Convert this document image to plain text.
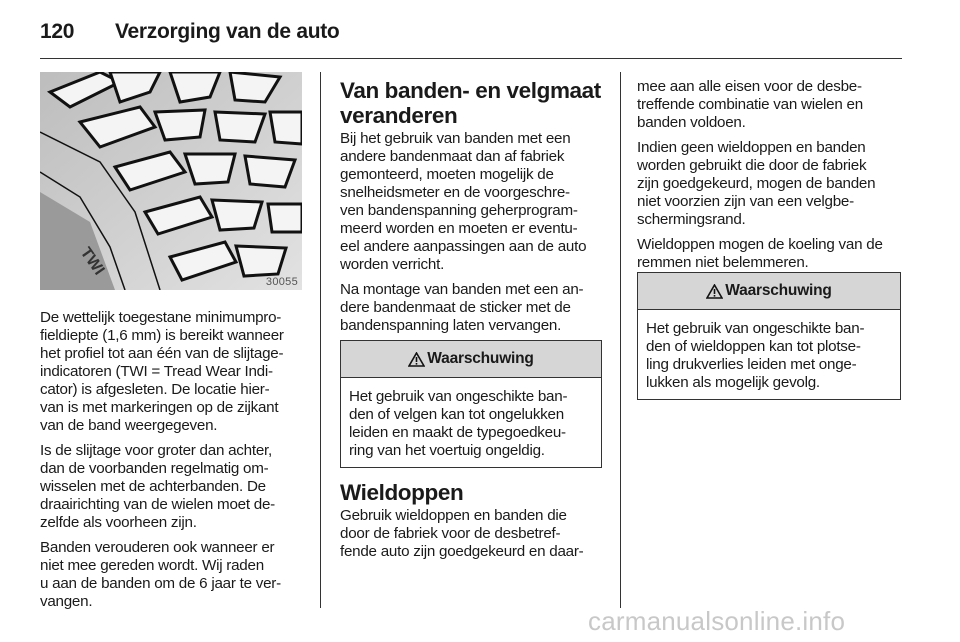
120 Verzorging van de auto
TWI
30055

De wettelijk toegestane minimumpro-
fieldiepte (1,6 mm) is bereikt wanneer
het profiel tot aan één van de slijtage-
indicatoren (TWI = Tread Wear Indi-
cator) is afgesleten. De locatie hier-
van is met markeringen op de zijkant
van de band weergegeven.

Is de slijtage voor groter dan achter,
dan de voorbanden regelmatig om-
wisselen met de achterbanden. De
draairichting van de wielen moet de-
zelfde als voorheen zijn.

Banden verouderen ook wanneer er
niet mee gereden wordt. Wij raden
u aan de banden om de 6 jaar te ver-
vangen.

Van banden- en velgmaat
veranderen

Bij het gebruik van banden met een
andere bandenmaat dan af fabriek
gemonteerd, moeten mogelijk de
snelheidsmeter en de voorgeschre-
ven bandenspanning geherprogram-
meerd worden en moeten er eventu-
eel andere aanpassingen aan de auto
worden verricht.

Na montage van banden met een an-
dere bandenmaat de sticker met de
bandenspanning laten vervangen.

Waarschuwing
Het gebruik van ongeschikte ban-
den of velgen kan tot ongelukken
leiden en maakt de typegoedkeu-
ring van het voertuig ongeldig.
Wieldoppen

Gebruik wieldoppen en banden die
door de fabriek voor de desbetref-
fende auto zijn goedgekeurd en daar-

mee aan alle eisen voor de desbe-
treffende combinatie van wielen en
banden voldoen.

Indien geen wieldoppen en banden
worden gebruikt die door de fabriek
zijn goedgekeurd, mogen de banden
niet voorzien zijn van een velgbe-
schermingsrand.

Wieldoppen mogen de koeling van de
remmen niet belemmeren.

Waarschuwing
Het gebruik van ongeschikte ban-
den of wieldoppen kan tot plotse-
ling drukverlies leiden met onge-
lukken als mogelijk gevolg.
carmanualsonline.info
